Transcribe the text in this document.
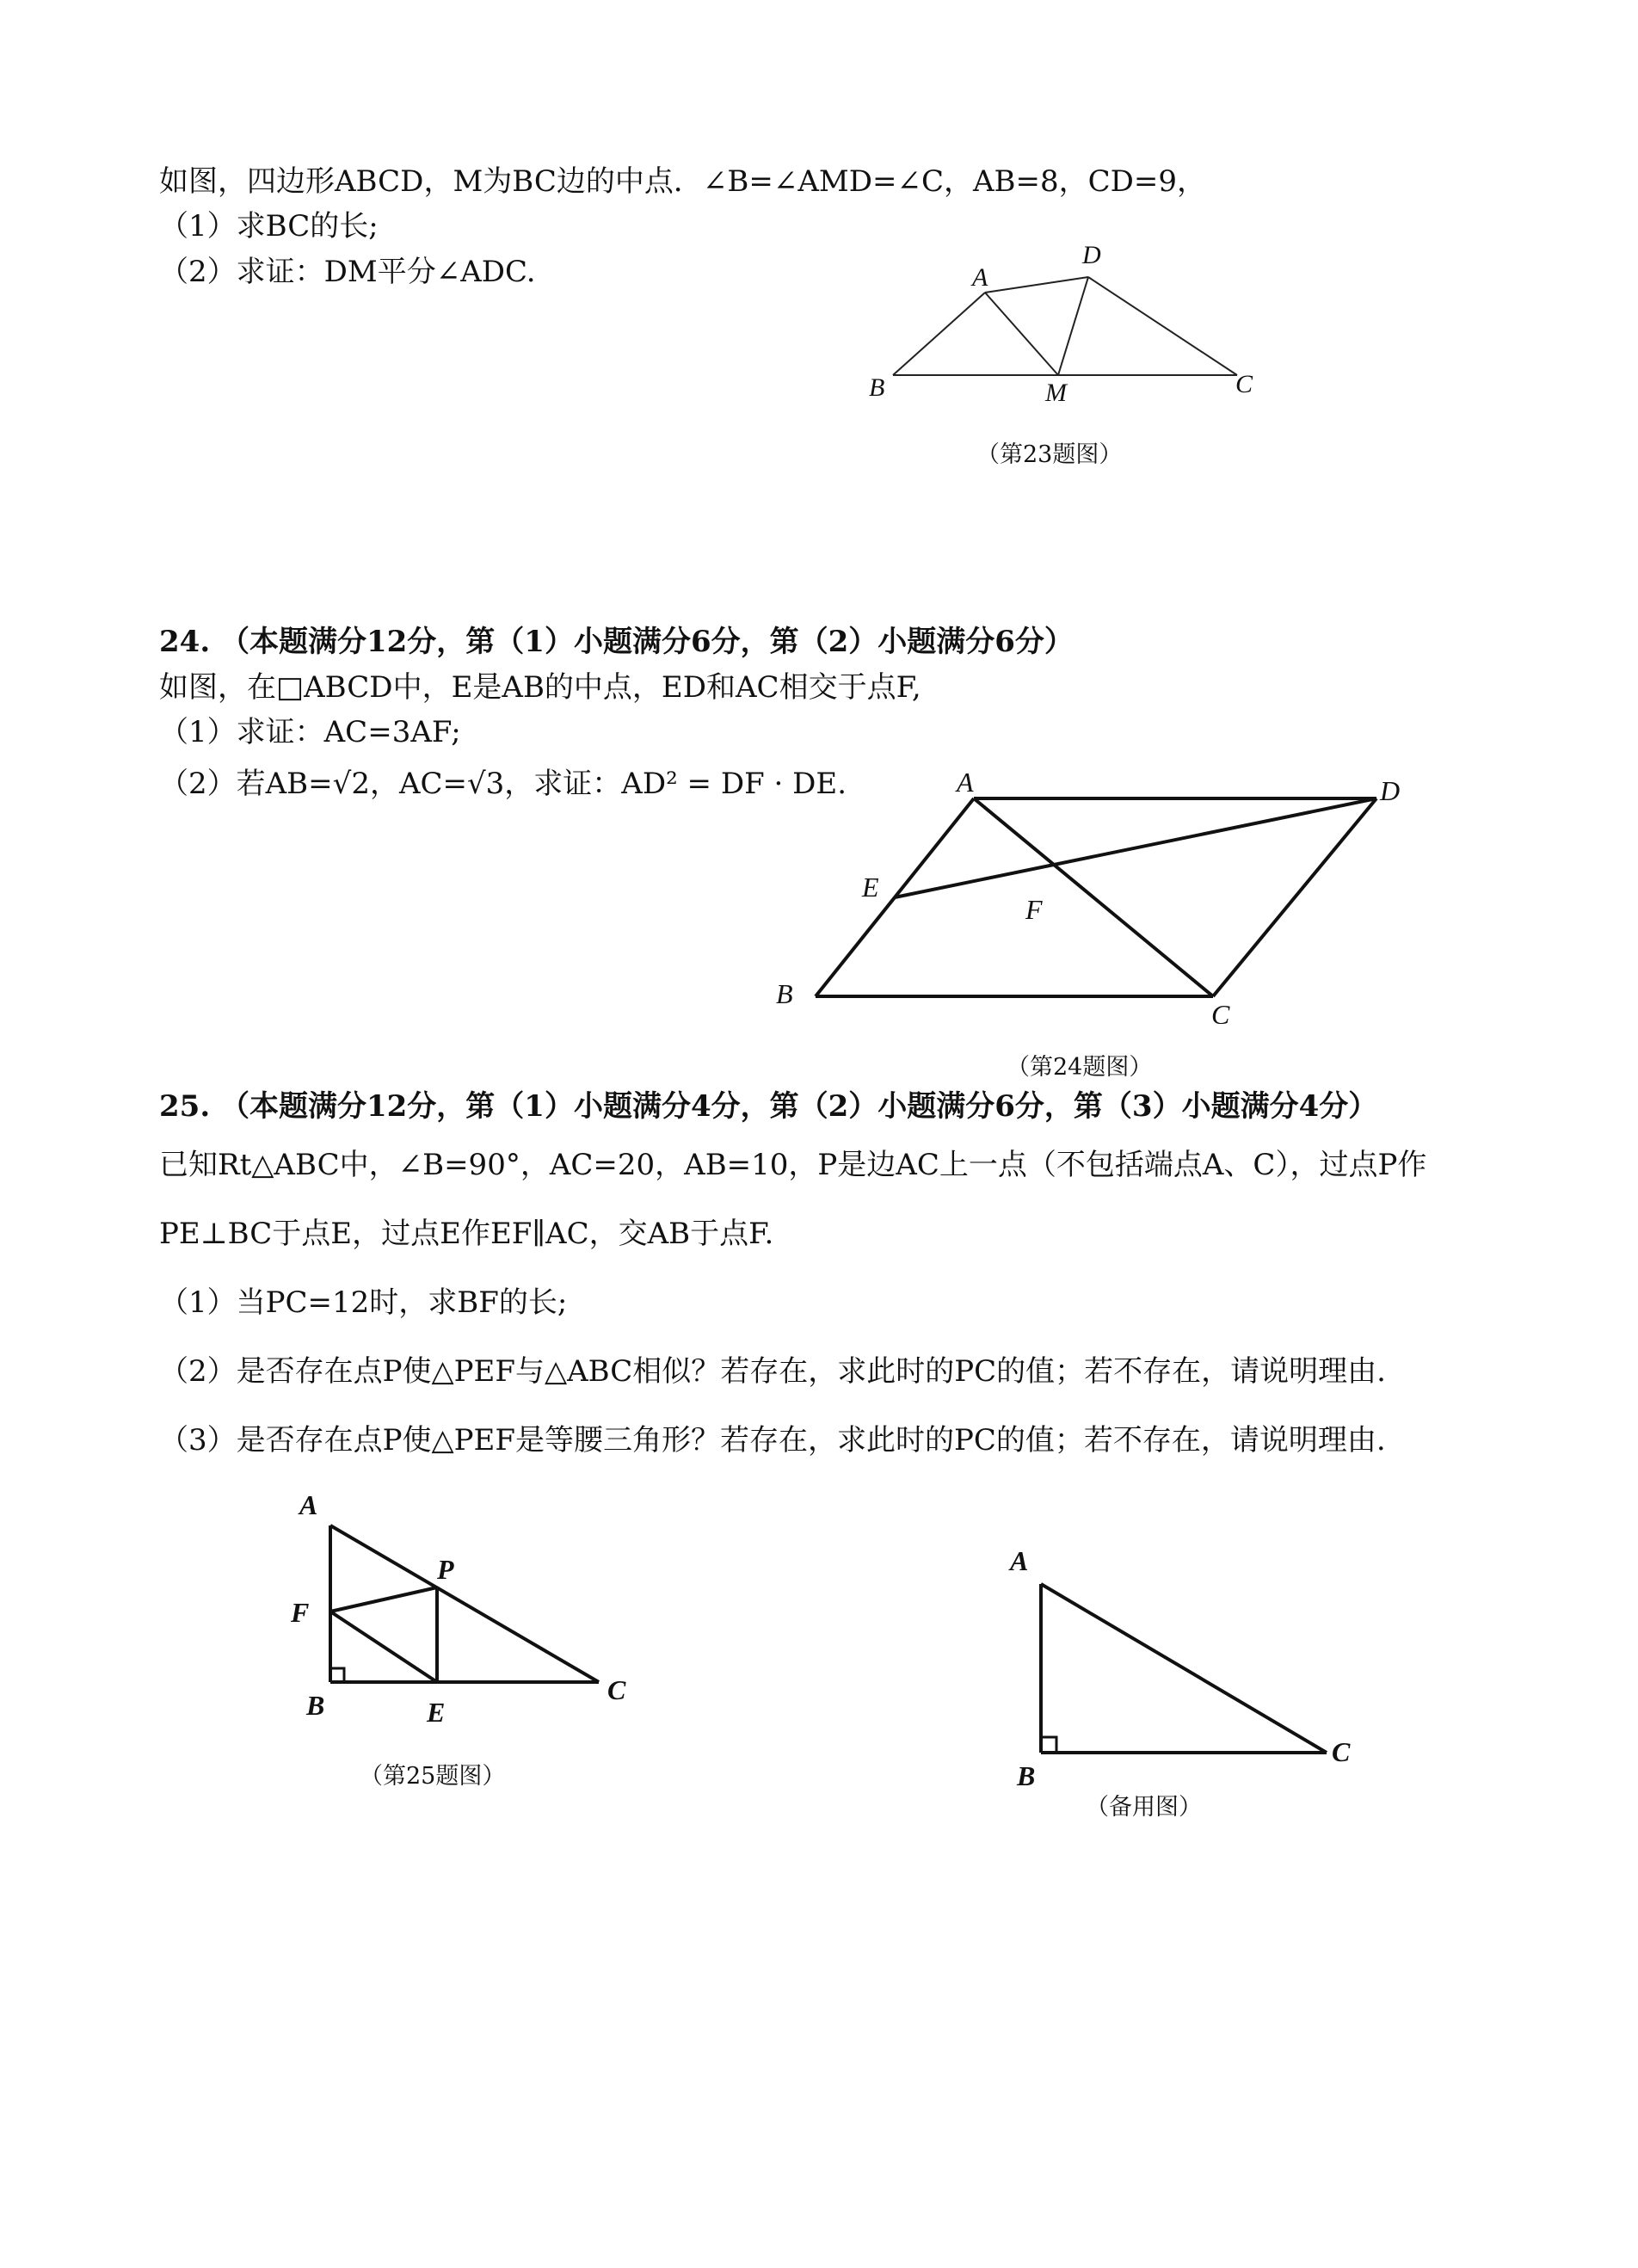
如图，四边形ABCD，M为BC边的中点．∠B=∠AMD=∠C，AB=8，CD=9，
（1）求BC的长;
（2）求证：DM平分∠ADC.	A
D
B	M	C
（第23题图）
24. （本题满分12分，第（1）小题满分6分，第（2）小题满分6分）
如图，在□ABCD中，E是AB的中点，ED和AC相交于点F,
（1）求证：AC=3AF;
（2）若AB=√2，AC=√3，求证：AD² = DF · DE.	A	D
E
F
B
C
（第24题图）
25. （本题满分12分，第（1）小题满分4分，第（2）小题满分6分，第（3）小题满分4分）
已知Rt△ABC中，∠B=90°，AC=20，AB=10，P是边AC上一点（不包括端点A、C），过点P作
PE⊥BC于点E，过点E作EF∥AC，交AB于点F.
（1）当PC=12时，求BF的长;
（2）是否存在点P使△PEF与△ABC相似？若存在，求此时的PC的值；若不存在，请说明理由.
（3）是否存在点P使△PEF是等腰三角形？若存在，求此时的PC的值；若不存在，请说明理由.
A
P
F
B	E
C
（第25题图）
A
B
C
（备用图）
